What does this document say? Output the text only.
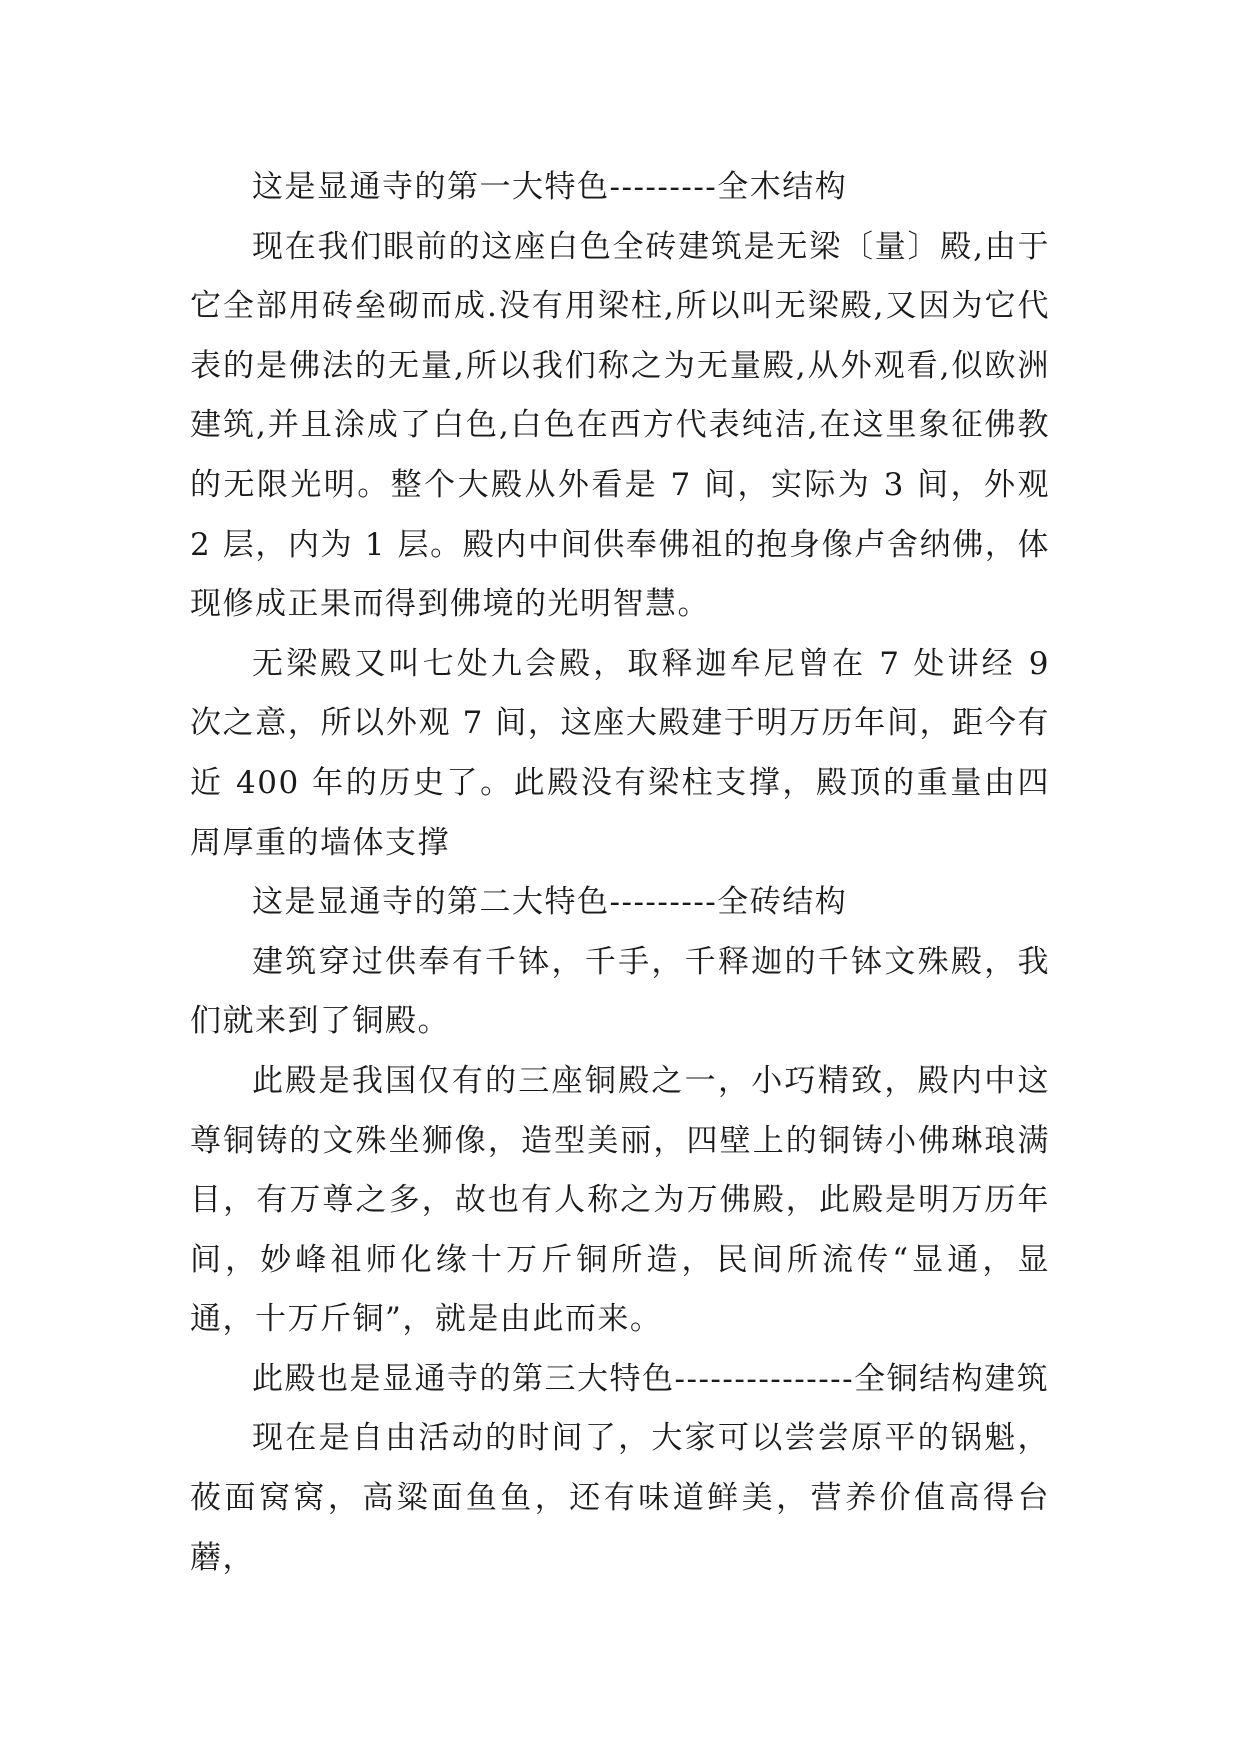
这是显通寺的第一大特色---------全木结构

现在我们眼前的这座白色全砖建筑是无梁〔量〕殿,由于它全部用砖垒砌而成.没有用梁柱,所以叫无梁殿,又因为它代表的是佛法的无量,所以我们称之为无量殿,从外观看,似欧洲建筑,并且涂成了白色,白色在西方代表纯洁,在这里象征佛教的无限光明。整个大殿从外看是 7 间，实际为 3 间，外观 2 层，内为 1 层。殿内中间供奉佛祖的抱身像卢舍纳佛，体现修成正果而得到佛境的光明智慧。

无梁殿又叫七处九会殿，取释迦牟尼曾在 7 处讲经 9 次之意，所以外观 7 间，这座大殿建于明万历年间，距今有近 400 年的历史了。此殿没有梁柱支撑，殿顶的重量由四周厚重的墙体支撑

这是显通寺的第二大特色---------全砖结构

建筑穿过供奉有千钵，千手，千释迦的千钵文殊殿，我们就来到了铜殿。

此殿是我国仅有的三座铜殿之一，小巧精致，殿内中这尊铜铸的文殊坐狮像，造型美丽，四壁上的铜铸小佛琳琅满目，有万尊之多，故也有人称之为万佛殿，此殿是明万历年间，妙峰祖师化缘十万斤铜所造，民间所流传“显通，显通，十万斤铜”，就是由此而来。

此殿也是显通寺的第三大特色---------------全铜结构建筑

现在是自由活动的时间了，大家可以尝尝原平的锅魁，莜面窝窝，高粱面鱼鱼，还有味道鲜美，营养价值高得台蘑，
